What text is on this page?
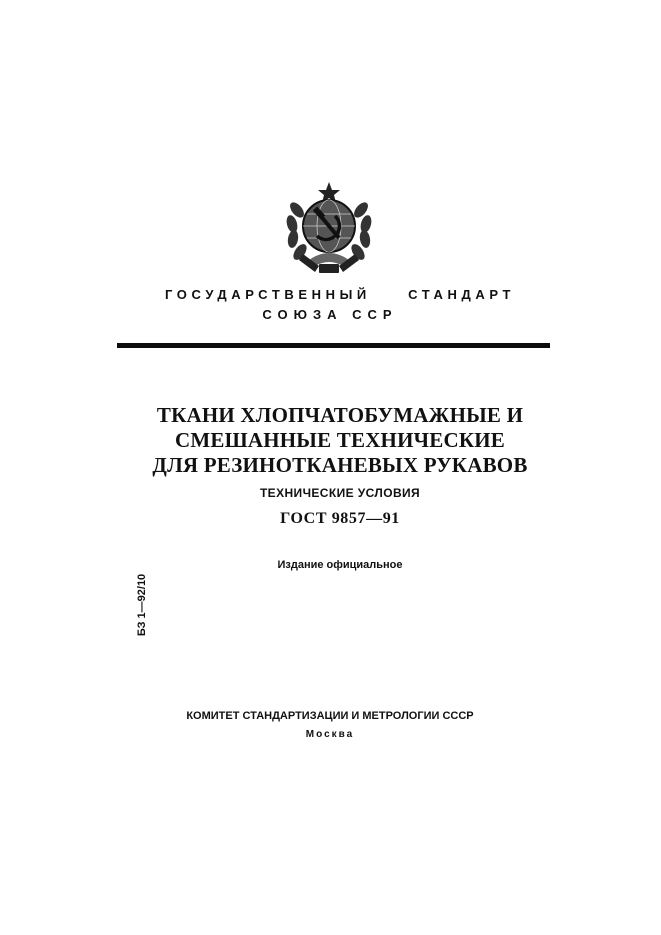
ГОСУДАРСТВЕННЫЙ	СТАНДАРТ
СОЮЗА ССР
ТКАНИ ХЛОПЧАТОБУМАЖНЫЕ И
СМЕШАННЫЕ ТЕХНИЧЕСКИЕ
ДЛЯ РЕЗИНОТКАНЕВЫХ РУКАВОВ
ТЕХНИЧЕСКИЕ УСЛОВИЯ
ГОСТ 9857—91
Издание официальное
БЗ 1—92/10
КОМИТЕТ СТАНДАРТИЗАЦИИ И МЕТРОЛОГИИ СССР
Москва
